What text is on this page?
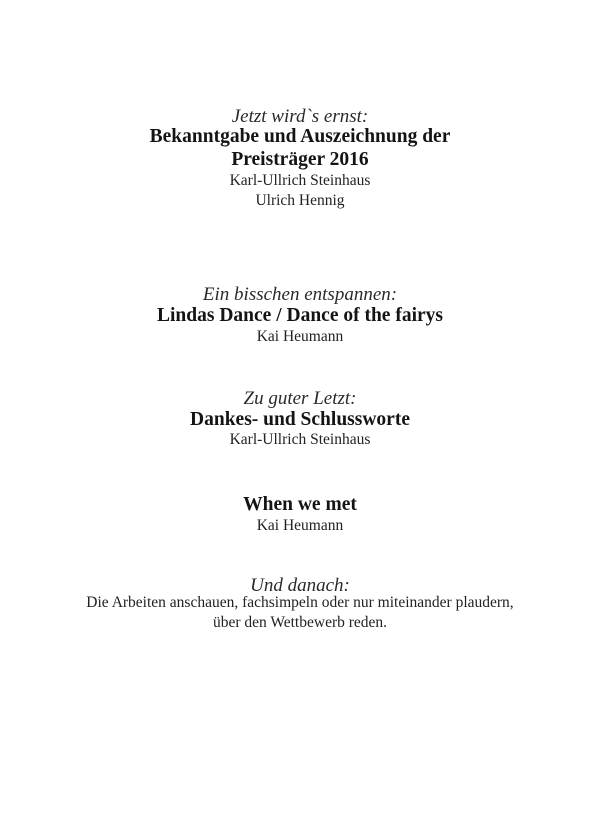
Jetzt wird`s ernst:
Bekanntgabe und Auszeichnung der
Preisträger 2016
Karl-Ullrich Steinhaus
Ulrich Hennig
Ein bisschen entspannen:
Lindas Dance / Dance of the fairys
Kai Heumann
Zu guter Letzt:
Dankes- und Schlussworte
Karl-Ullrich Steinhaus
When we met
Kai Heumann
Und danach:
Die Arbeiten anschauen, fachsimpeln oder nur miteinander plaudern,
über den Wettbewerb reden.
